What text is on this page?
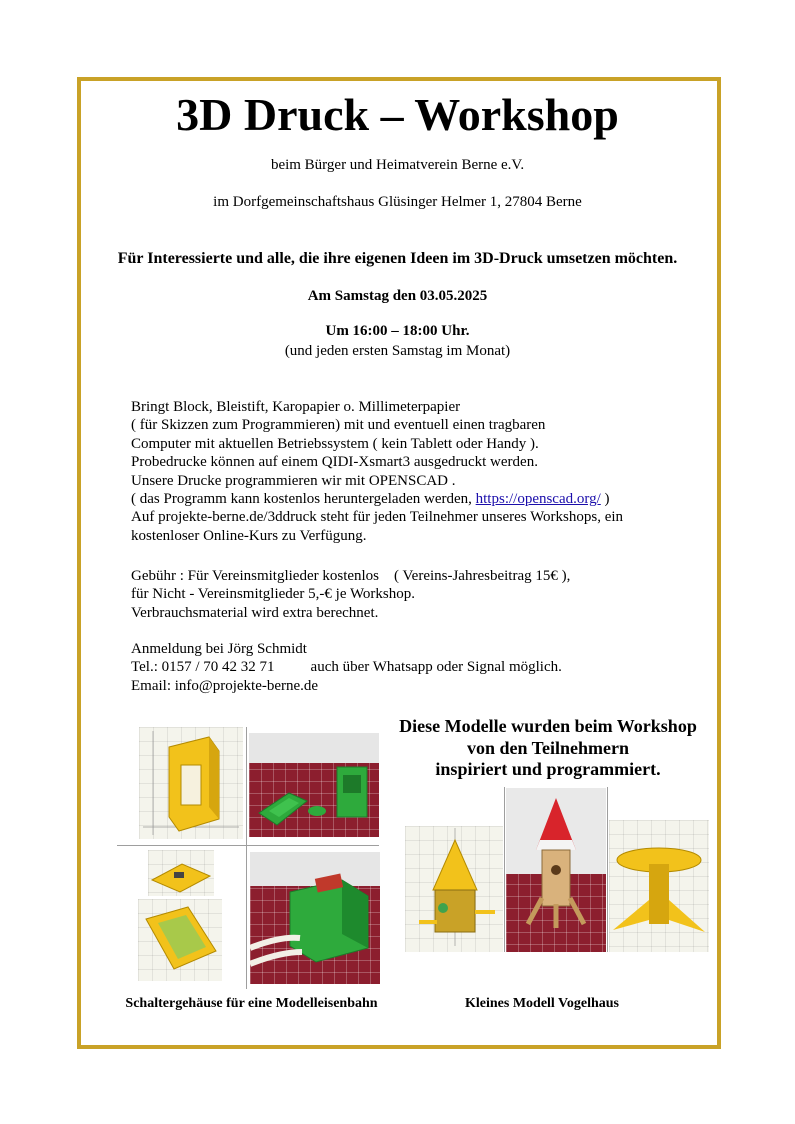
3D Druck – Workshop
beim Bürger und Heimatverein Berne e.V.
im Dorfgemeinschaftshaus Glüsinger Helmer 1, 27804 Berne
Für Interessierte und alle, die ihre eigenen Ideen im 3D-Druck umsetzen möchten.
Am Samstag den 03.05.2025
Um 16:00 – 18:00 Uhr.
(und jeden ersten Samstag im Monat)
Bringt Block, Bleistift, Karopapier o. Millimeterpapier
( für Skizzen zum Programmieren) mit und eventuell einen tragbaren
Computer mit aktuellen Betriebssystem ( kein Tablett oder Handy ).
Probedrucke können auf einem QIDI-Xsmart3 ausgedruckt werden.
Unsere Drucke programmieren wir mit OPENSCAD .
( das Programm kann kostenlos heruntergeladen werden, https://openscad.org/ )
Auf projekte-berne.de/3ddruck steht für jeden Teilnehmer unseres Workshops, ein
kostenloser Online-Kurs zu Verfügung.
Gebühr : Für Vereinsmitglieder kostenlos    ( Vereins-Jahresbeitrag 15€ ),
für Nicht - Vereinsmitglieder 5,-€ je Workshop.
Verbrauchsmaterial wird extra berechnet.
Anmeldung bei Jörg Schmidt
Tel.: 0157 / 70 42 32 71 auch über Whatsapp oder Signal möglich.
Email: info@projekte-berne.de
Diese Modelle wurden beim Workshop
von den Teilnehmern
inspiriert und programmiert.
Schaltergehäuse für eine Modelleisenbahn	Kleines Modell Vogelhaus
